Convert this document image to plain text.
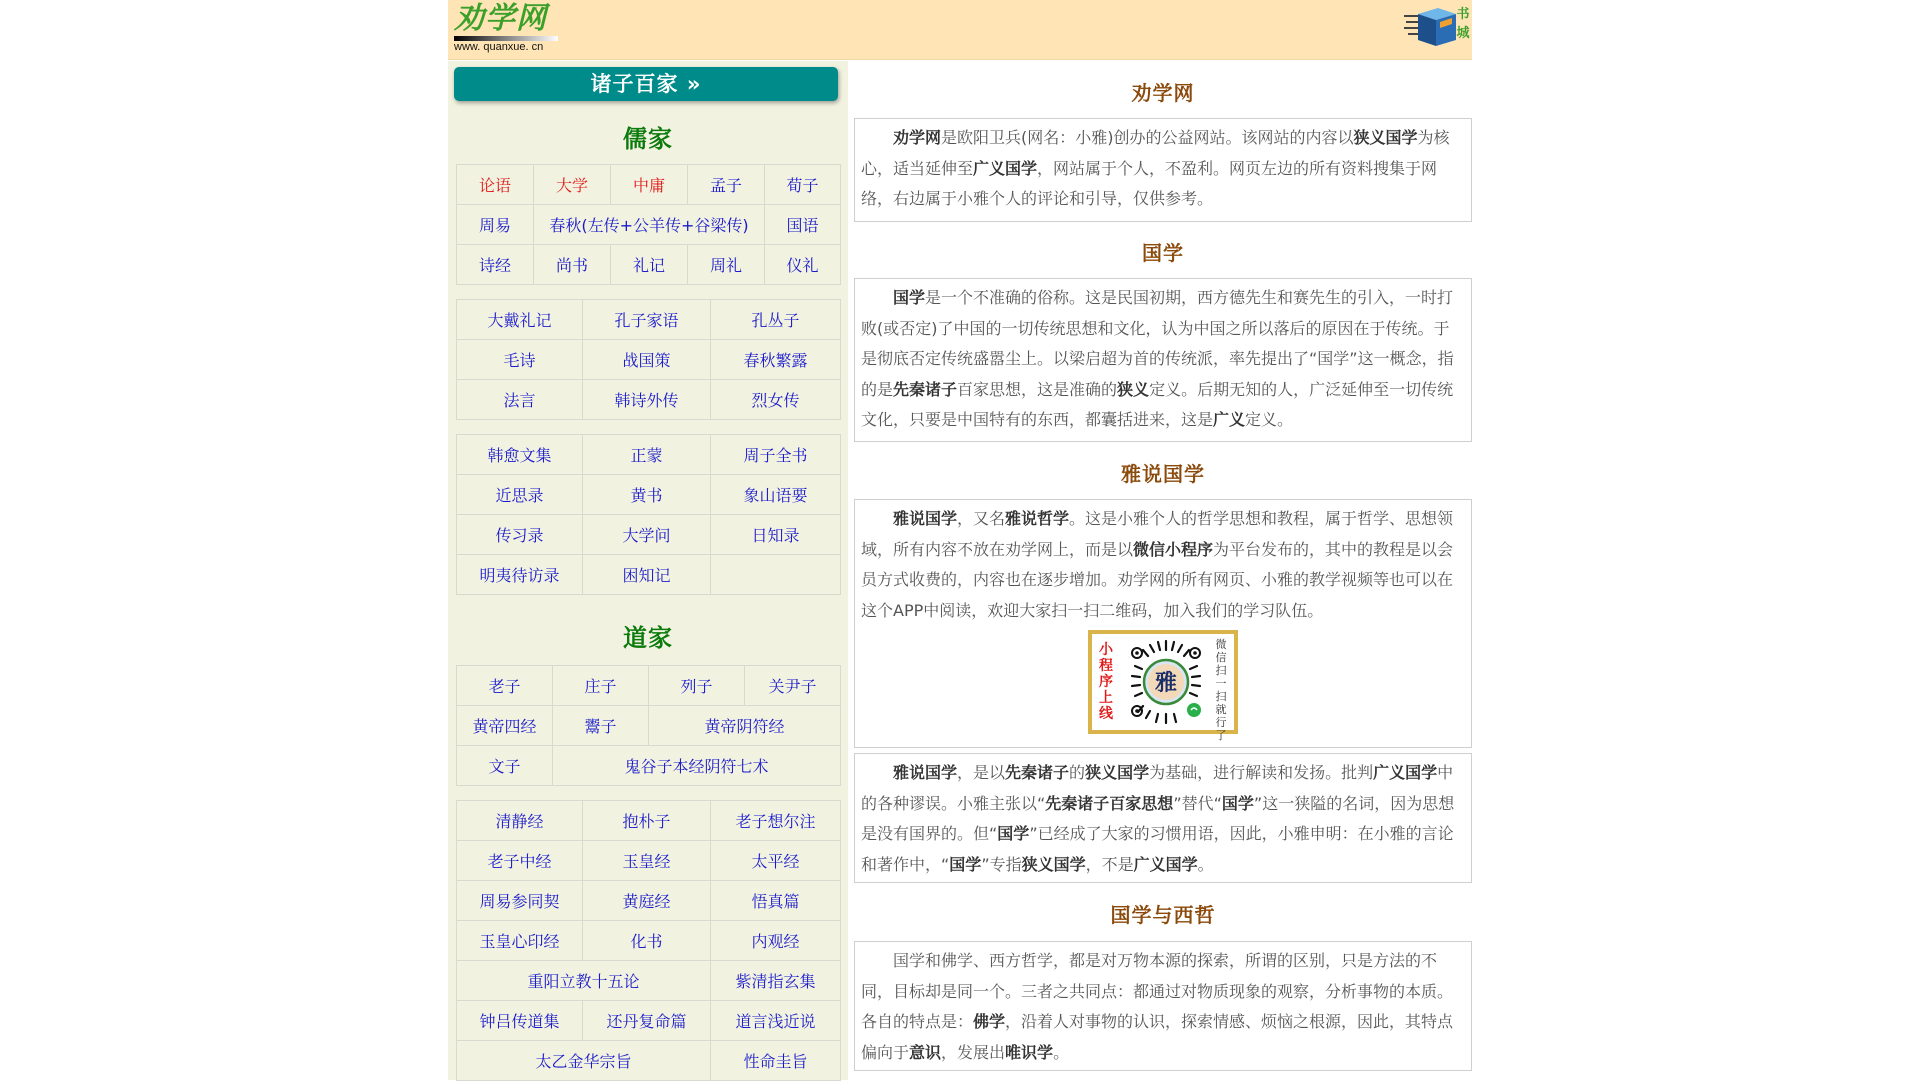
劝学网
www. quanxue. cn
书城
诸子百家 »
儒家
论语	大学	中庸	孟子	荀子
周易	春秋(左传+公羊传+谷梁传)			国语
诗经	尚书	礼记	周礼	仪礼
大戴礼记	孔子家语	孔丛子
毛诗	战国策	春秋繁露
法言	韩诗外传	烈女传
韩愈文集	正蒙	周子全书
近思录	黄书	象山语要
传习录	大学问	日知录
明夷待访录	困知记	
道家
老子	庄子	列子	关尹子
黄帝四经	鬻子	黄帝阴符经	
文子	鬼谷子本经阴符七术		
清静经	抱朴子	老子想尔注
老子中经	玉皇经	太平经
周易参同契	黄庭经	悟真篇
玉皇心印经	化书	内观经
重阳立教十五论		紫清指玄集
钟吕传道集	还丹复命篇	道言浅近说
太乙金华宗旨		性命圭旨
劝学网

劝学网是欧阳卫兵(网名：小雅)创办的公益网站。该网站的内容以狭义国学为核心，适当延伸至广义国学，网站属于个人，不盈利。网页左边的所有资料搜集于网络，右边属于小雅个人的评论和引导，仅供参考。

国学

国学是一个不准确的俗称。这是民国初期，西方德先生和赛先生的引入，一时打败(或否定)了中国的一切传统思想和文化，认为中国之所以落后的原因在于传统。于是彻底否定传统盛嚣尘上。以梁启超为首的传统派，率先提出了“国学”这一概念，指的是先秦诸子百家思想，这是准确的狭义定义。后期无知的人，广泛延伸至一切传统文化，只要是中国特有的东西，都囊括进来，这是广义定义。

雅说国学

雅说国学，又名雅说哲学。这是小雅个人的哲学思想和教程，属于哲学、思想领域，所有内容不放在劝学网上，而是以微信小程序为平台发布的，其中的教程是以会员方式收费的，内容也在逐步增加。劝学网的所有网页、小雅的教学视频等也可以在这个APP中阅读，欢迎大家扫一扫二维码，加入我们的学习队伍。

小程序上线
雅
微信扫一扫就行了

雅说国学，是以先秦诸子的狭义国学为基础，进行解读和发扬。批判广义国学中的各种谬误。小雅主张以“先秦诸子百家思想”替代“国学”这一狭隘的名词，因为思想是没有国界的。但“国学”已经成了大家的习惯用语，因此，小雅申明：在小雅的言论和著作中，“国学”专指狭义国学，不是广义国学。

国学与西哲

国学和佛学、西方哲学，都是对万物本源的探索，所谓的区别，只是方法的不同，目标却是同一个。三者之共同点：都通过对物质现象的观察，分析事物的本质。各自的特点是：佛学，沿着人对事物的认识，探索情感、烦恼之根源，因此，其特点偏向于意识，发展出唯识学。
